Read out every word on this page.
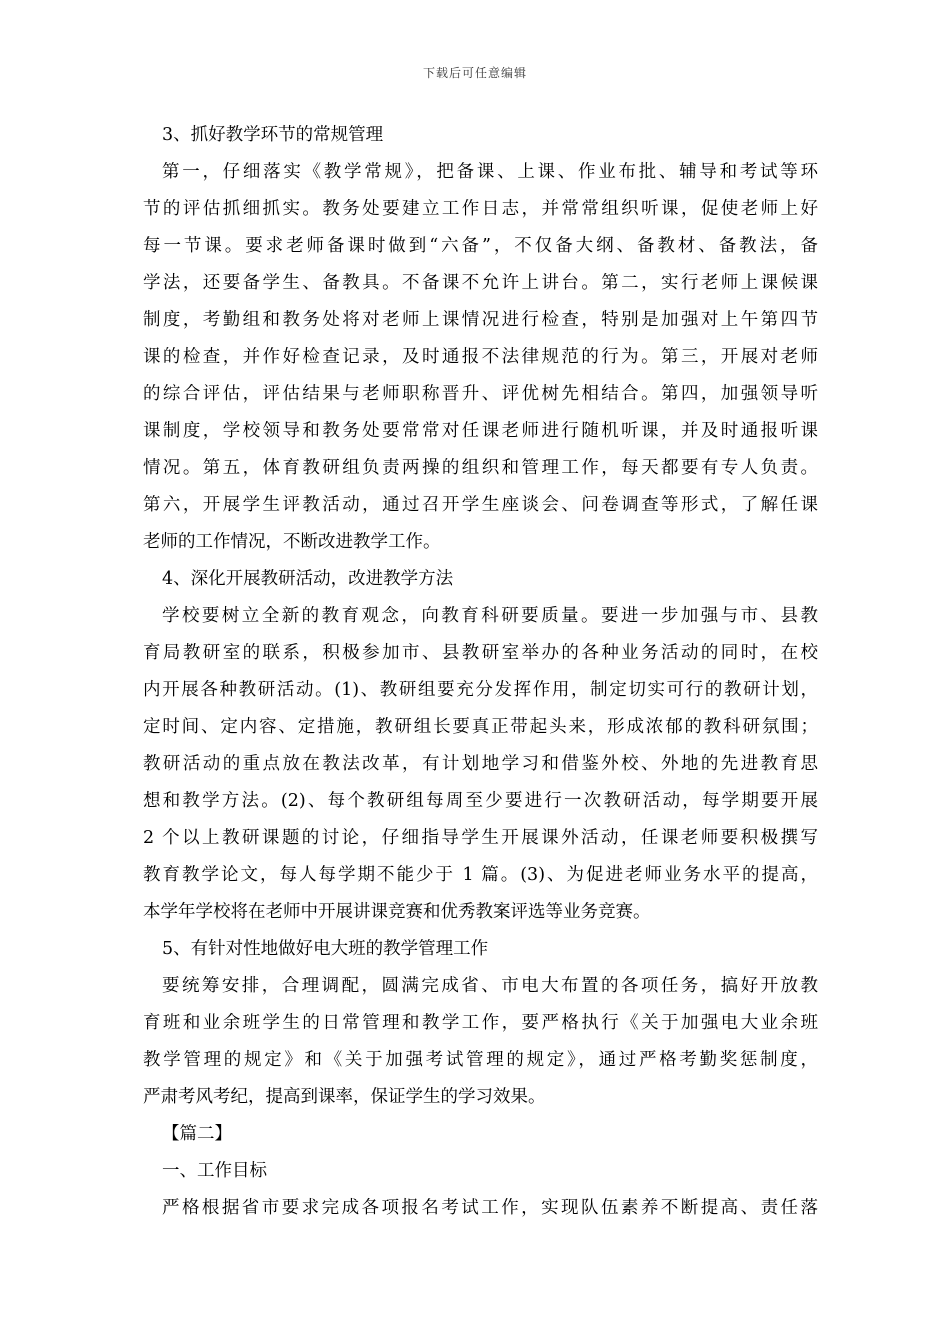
下载后可任意编辑
3、抓好教学环节的常规管理
第一，仔细落实《教学常规》，把备课、上课、作业布批、辅导和考试等环
节的评估抓细抓实。教务处要建立工作日志，并常常组织听课，促使老师上好
每一节课。要求老师备课时做到“六备”，不仅备大纲、备教材、备教法，备
学法，还要备学生、备教具。不备课不允许上讲台。第二，实行老师上课候课
制度，考勤组和教务处将对老师上课情况进行检查，特别是加强对上午第四节
课的检查，并作好检查记录，及时通报不法律规范的行为。第三，开展对老师
的综合评估，评估结果与老师职称晋升、评优树先相结合。第四，加强领导听
课制度，学校领导和教务处要常常对任课老师进行随机听课，并及时通报听课
情况。第五，体育教研组负责两操的组织和管理工作，每天都要有专人负责。
第六，开展学生评教活动，通过召开学生座谈会、问卷调查等形式，了解任课
老师的工作情况，不断改进教学工作。
4、深化开展教研活动，改进教学方法
学校要树立全新的教育观念，向教育科研要质量。要进一步加强与市、县教
育局教研室的联系，积极参加市、县教研室举办的各种业务活动的同时，在校
内开展各种教研活动。(1)、教研组要充分发挥作用，制定切实可行的教研计划，
定时间、定内容、定措施，教研组长要真正带起头来，形成浓郁的教科研氛围；
教研活动的重点放在教法改革，有计划地学习和借鉴外校、外地的先进教育思
想和教学方法。(2)、每个教研组每周至少要进行一次教研活动，每学期要开展
2 个以上教研课题的讨论，仔细指导学生开展课外活动，任课老师要积极撰写
教育教学论文，每人每学期不能少于 1 篇。(3)、为促进老师业务水平的提高，
本学年学校将在老师中开展讲课竞赛和优秀教案评选等业务竞赛。
5、有针对性地做好电大班的教学管理工作
要统筹安排，合理调配，圆满完成省、市电大布置的各项任务，搞好开放教
育班和业余班学生的日常管理和教学工作，要严格执行《关于加强电大业余班
教学管理的规定》和《关于加强考试管理的规定》，通过严格考勤奖惩制度，
严肃考风考纪，提高到课率，保证学生的学习效果。
【篇二】
一、工作目标
严格根据省市要求完成各项报名考试工作，实现队伍素养不断提高、责任落
